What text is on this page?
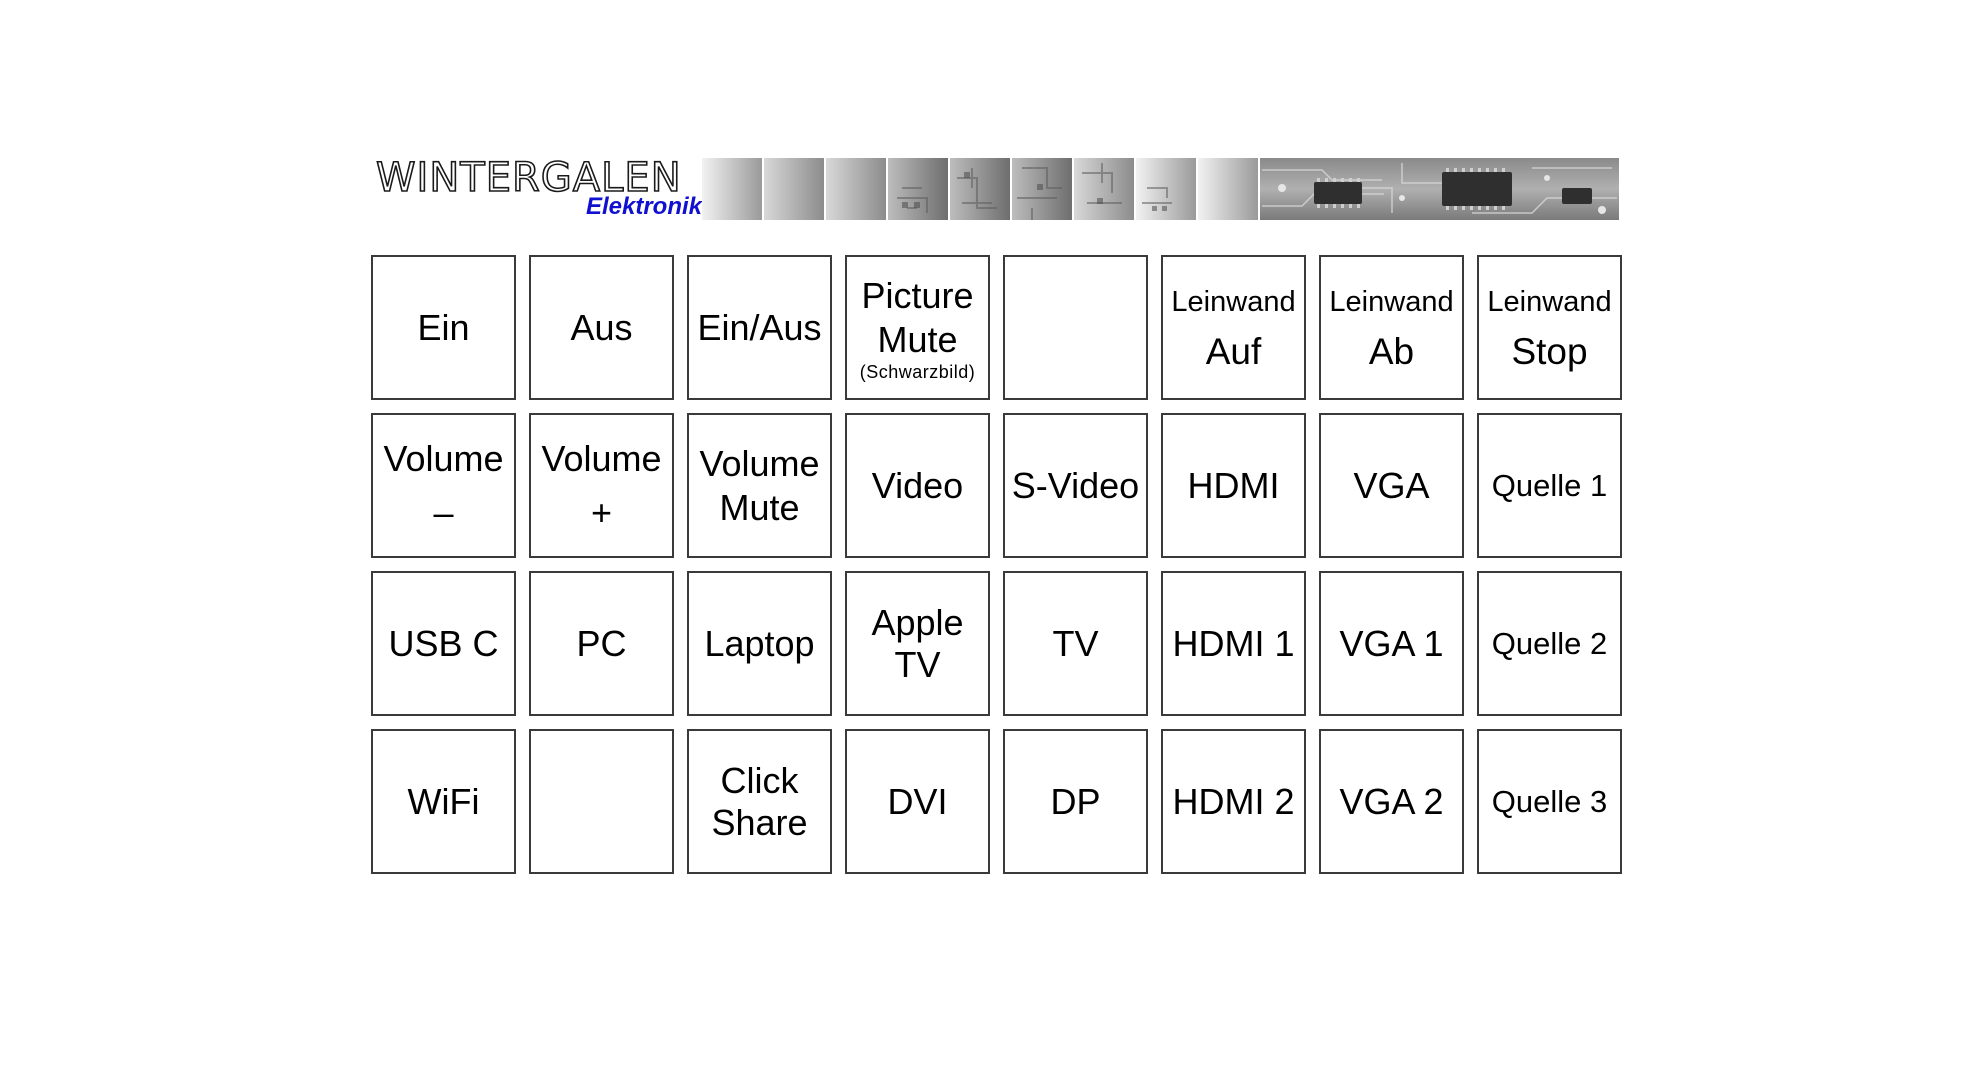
WINTERGALEN
Elektronik
Ein	Aus Ein/Aus
Picture
Mute
(Schwarzbild)
Leinwand
Auf
Leinwand
Ab
Leinwand
Stop
Volume
–
Volume
+
Volume
Mute
Video S-Video HDMI VGA Quelle 1
USB C PC Laptop
Apple
TV
TV HDMI 1 VGA 1 Quelle 2
WiFi
Click
Share
DVI	DP HDMI 2 VGA 2 Quelle 3
